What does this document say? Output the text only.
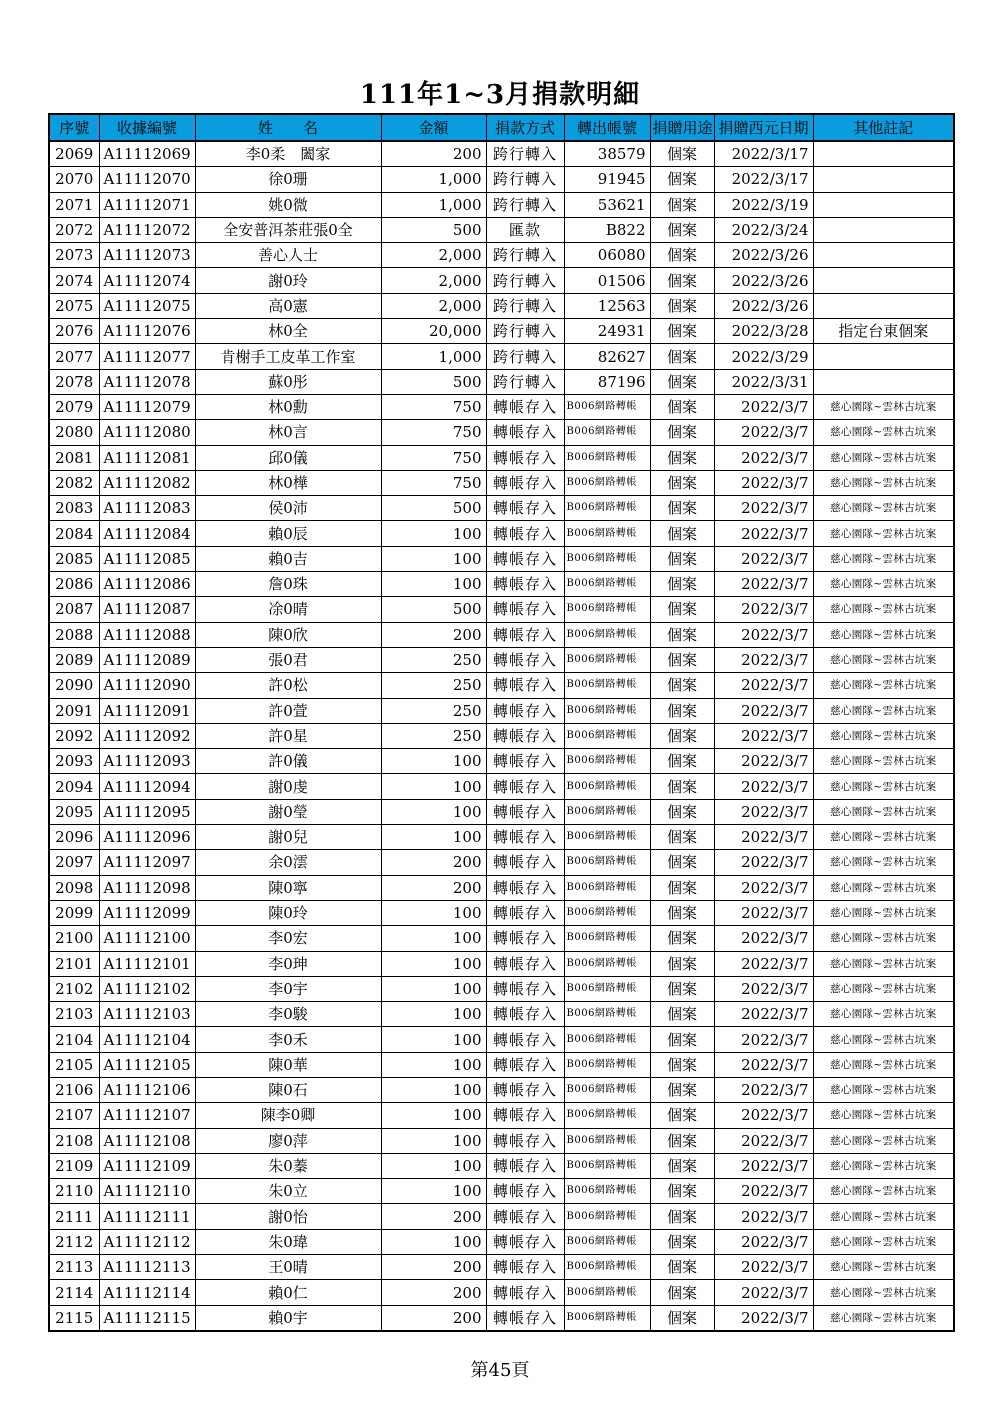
111年1~3月捐款明細
序號	收據編號	姓　　名	金額	捐款方式	轉出帳號	捐贈用途	捐贈西元日期	其他註記
2069	A11112069	李0柔　闔家	200	跨行轉入	38579	個案	2022/3/17	
2070	A11112070	徐0珊	1,000	跨行轉入	91945	個案	2022/3/17	
2071	A11112071	姚0微	1,000	跨行轉入	53621	個案	2022/3/19	
2072	A11112072	全安普洱茶莊張0全	500	匯款	B822	個案	2022/3/24	
2073	A11112073	善心人士	2,000	跨行轉入	06080	個案	2022/3/26	
2074	A11112074	謝0玲	2,000	跨行轉入	01506	個案	2022/3/26	
2075	A11112075	高0憲	2,000	跨行轉入	12563	個案	2022/3/26	
2076	A11112076	林0全	20,000	跨行轉入	24931	個案	2022/3/28	指定台東個案
2077	A11112077	肯榭手工皮革工作室	1,000	跨行轉入	82627	個案	2022/3/29	
2078	A11112078	蘇0彤	500	跨行轉入	87196	個案	2022/3/31	
2079	A11112079	林0勳	750	轉帳存入	B006網路轉帳	個案	2022/3/7	慈心園隊~雲林古坑案
2080	A11112080	林0言	750	轉帳存入	B006網路轉帳	個案	2022/3/7	慈心園隊~雲林古坑案
2081	A11112081	邱0儀	750	轉帳存入	B006網路轉帳	個案	2022/3/7	慈心園隊~雲林古坑案
2082	A11112082	林0樺	750	轉帳存入	B006網路轉帳	個案	2022/3/7	慈心園隊~雲林古坑案
2083	A11112083	侯0沛	500	轉帳存入	B006網路轉帳	個案	2022/3/7	慈心園隊~雲林古坑案
2084	A11112084	賴0辰	100	轉帳存入	B006網路轉帳	個案	2022/3/7	慈心園隊~雲林古坑案
2085	A11112085	賴0吉	100	轉帳存入	B006網路轉帳	個案	2022/3/7	慈心園隊~雲林古坑案
2086	A11112086	詹0珠	100	轉帳存入	B006網路轉帳	個案	2022/3/7	慈心園隊~雲林古坑案
2087	A11112087	凃0晴	500	轉帳存入	B006網路轉帳	個案	2022/3/7	慈心園隊~雲林古坑案
2088	A11112088	陳0欣	200	轉帳存入	B006網路轉帳	個案	2022/3/7	慈心園隊~雲林古坑案
2089	A11112089	張0君	250	轉帳存入	B006網路轉帳	個案	2022/3/7	慈心園隊~雲林古坑案
2090	A11112090	許0松	250	轉帳存入	B006網路轉帳	個案	2022/3/7	慈心園隊~雲林古坑案
2091	A11112091	許0萱	250	轉帳存入	B006網路轉帳	個案	2022/3/7	慈心園隊~雲林古坑案
2092	A11112092	許0星	250	轉帳存入	B006網路轉帳	個案	2022/3/7	慈心園隊~雲林古坑案
2093	A11112093	許0儀	100	轉帳存入	B006網路轉帳	個案	2022/3/7	慈心園隊~雲林古坑案
2094	A11112094	謝0虔	100	轉帳存入	B006網路轉帳	個案	2022/3/7	慈心園隊~雲林古坑案
2095	A11112095	謝0瑩	100	轉帳存入	B006網路轉帳	個案	2022/3/7	慈心園隊~雲林古坑案
2096	A11112096	謝0兒	100	轉帳存入	B006網路轉帳	個案	2022/3/7	慈心園隊~雲林古坑案
2097	A11112097	余0澐	200	轉帳存入	B006網路轉帳	個案	2022/3/7	慈心園隊~雲林古坑案
2098	A11112098	陳0寧	200	轉帳存入	B006網路轉帳	個案	2022/3/7	慈心園隊~雲林古坑案
2099	A11112099	陳0玲	100	轉帳存入	B006網路轉帳	個案	2022/3/7	慈心園隊~雲林古坑案
2100	A11112100	李0宏	100	轉帳存入	B006網路轉帳	個案	2022/3/7	慈心園隊~雲林古坑案
2101	A11112101	李0珅	100	轉帳存入	B006網路轉帳	個案	2022/3/7	慈心園隊~雲林古坑案
2102	A11112102	李0宇	100	轉帳存入	B006網路轉帳	個案	2022/3/7	慈心園隊~雲林古坑案
2103	A11112103	李0駿	100	轉帳存入	B006網路轉帳	個案	2022/3/7	慈心園隊~雲林古坑案
2104	A11112104	李0禾	100	轉帳存入	B006網路轉帳	個案	2022/3/7	慈心園隊~雲林古坑案
2105	A11112105	陳0華	100	轉帳存入	B006網路轉帳	個案	2022/3/7	慈心園隊~雲林古坑案
2106	A11112106	陳0石	100	轉帳存入	B006網路轉帳	個案	2022/3/7	慈心園隊~雲林古坑案
2107	A11112107	陳李0卿	100	轉帳存入	B006網路轉帳	個案	2022/3/7	慈心園隊~雲林古坑案
2108	A11112108	廖0萍	100	轉帳存入	B006網路轉帳	個案	2022/3/7	慈心園隊~雲林古坑案
2109	A11112109	朱0蓁	100	轉帳存入	B006網路轉帳	個案	2022/3/7	慈心園隊~雲林古坑案
2110	A11112110	朱0立	100	轉帳存入	B006網路轉帳	個案	2022/3/7	慈心園隊~雲林古坑案
2111	A11112111	謝0怡	200	轉帳存入	B006網路轉帳	個案	2022/3/7	慈心園隊~雲林古坑案
2112	A11112112	朱0瑋	100	轉帳存入	B006網路轉帳	個案	2022/3/7	慈心園隊~雲林古坑案
2113	A11112113	王0晴	200	轉帳存入	B006網路轉帳	個案	2022/3/7	慈心園隊~雲林古坑案
2114	A11112114	賴0仁	200	轉帳存入	B006網路轉帳	個案	2022/3/7	慈心園隊~雲林古坑案
2115	A11112115	賴0宇	200	轉帳存入	B006網路轉帳	個案	2022/3/7	慈心園隊~雲林古坑案
第45頁
